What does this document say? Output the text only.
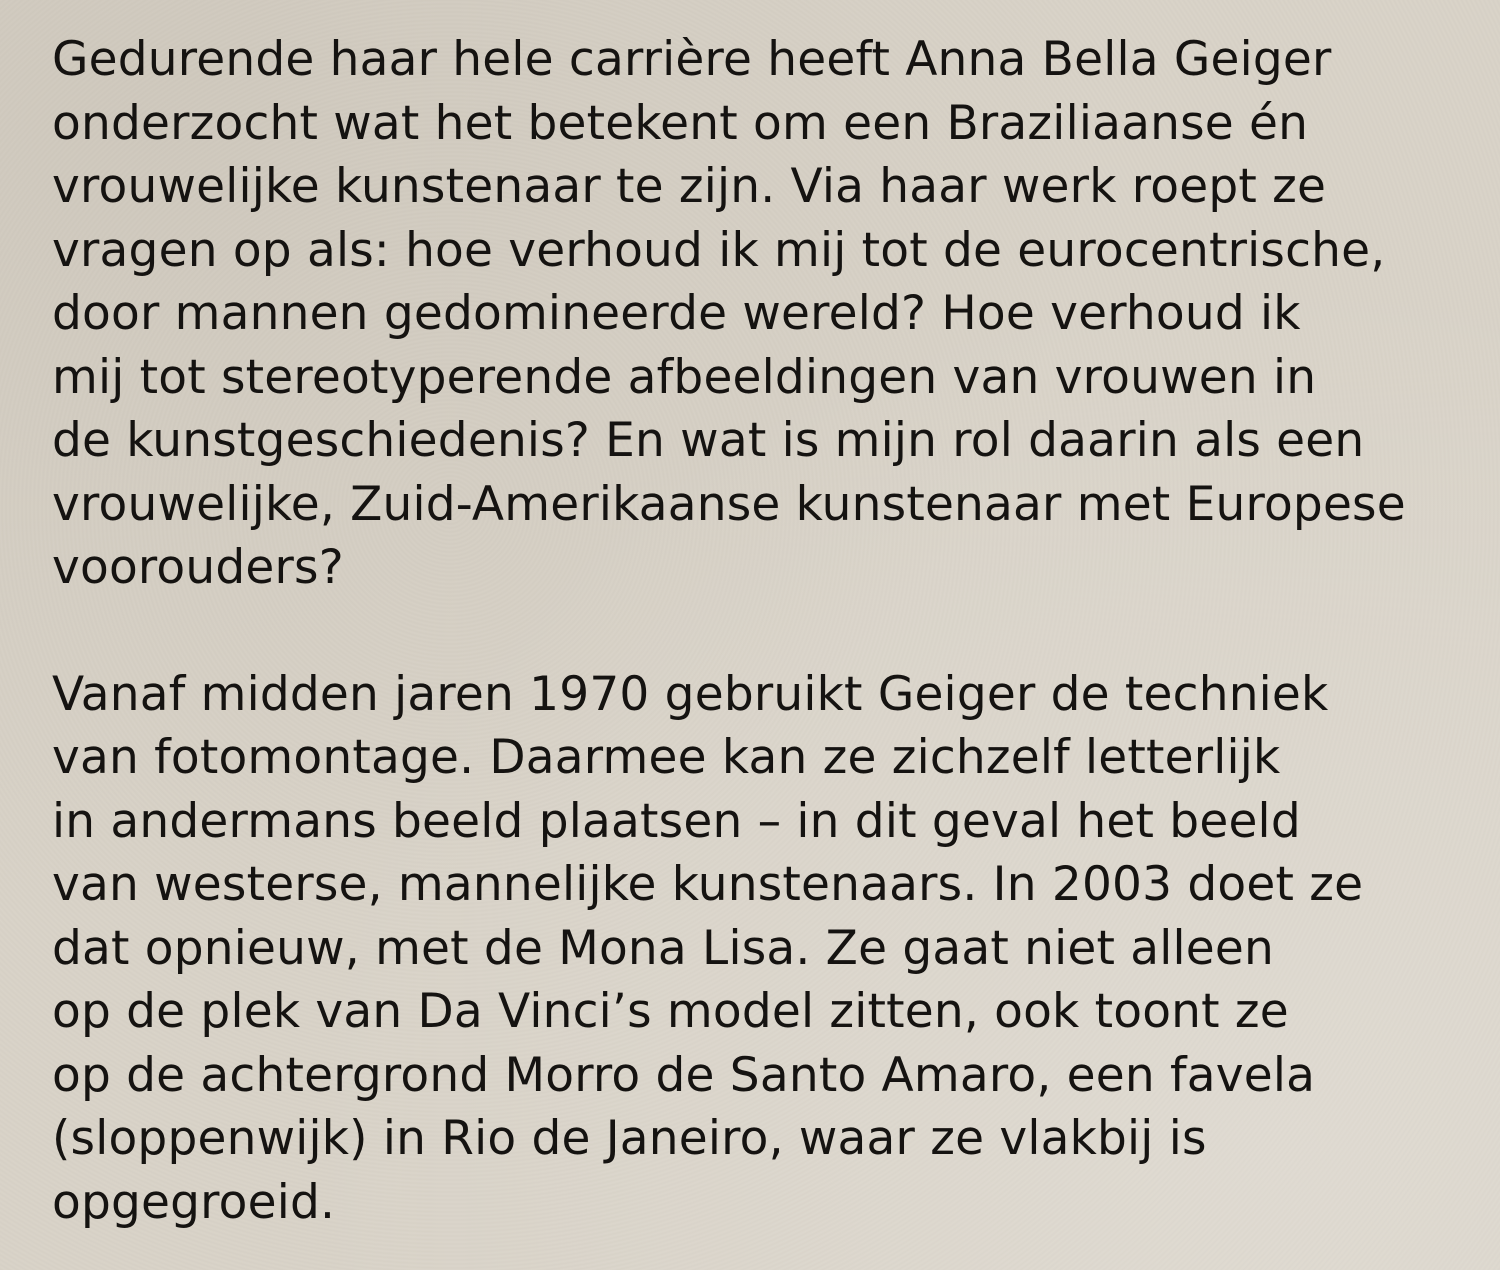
Gedurende haar hele carrière heeft Anna Bella Geiger
onderzocht wat het betekent om een Braziliaanse én
vrouwelijke kunstenaar te zijn. Via haar werk roept ze
vragen op als: hoe verhoud ik mij tot de eurocentrische,
door mannen gedomineerde wereld? Hoe verhoud ik
mij tot stereotyperende afbeeldingen van vrouwen in
de kunstgeschiedenis? En wat is mijn rol daarin als een
vrouwelijke, Zuid-Amerikaanse kunstenaar met Europese
voorouders?

Vanaf midden jaren 1970 gebruikt Geiger de techniek
van fotomontage. Daarmee kan ze zichzelf letterlijk
in andermans beeld plaatsen – in dit geval het beeld
van westerse, mannelijke kunstenaars. In 2003 doet ze
dat opnieuw, met de Mona Lisa. Ze gaat niet alleen
op de plek van Da Vinci’s model zitten, ook toont ze
op de achtergrond Morro de Santo Amaro, een favela
(sloppenwijk) in Rio de Janeiro, waar ze vlakbij is
opgegroeid.
